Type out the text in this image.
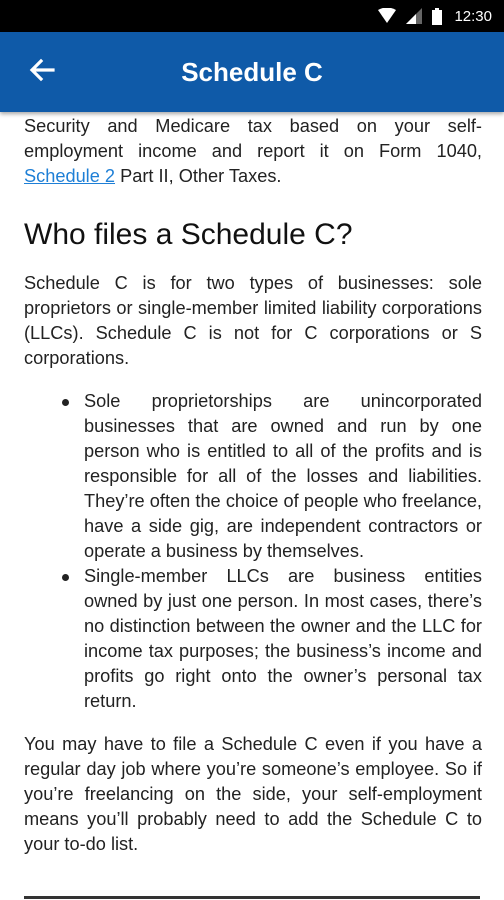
12:30
Schedule C

Security and Medicare tax based on your self-employment income and report it on Form 1040, Schedule 2 Part II, Other Taxes.

Who files a Schedule C?

Schedule C is for two types of businesses: sole proprietors or single-member limited liability corporations (LLCs). Schedule C is not for C corporations or S corporations.

Sole proprietorships are unincorporated businesses that are owned and run by one person who is entitled to all of the profits and is responsible for all of the losses and liabilities. They’re often the choice of people who freelance, have a side gig, are independent contractors or operate a business by themselves.
Single-member LLCs are business entities owned by just one person. In most cases, there’s no distinction between the owner and the LLC for income tax purposes; the business’s income and profits go right onto the owner’s personal tax return.

You may have to file a Schedule C even if you have a regular day job where you’re someone’s employee. So if you’re freelancing on the side, your self-employment means you’ll probably need to add the Schedule C to your to-do list.
